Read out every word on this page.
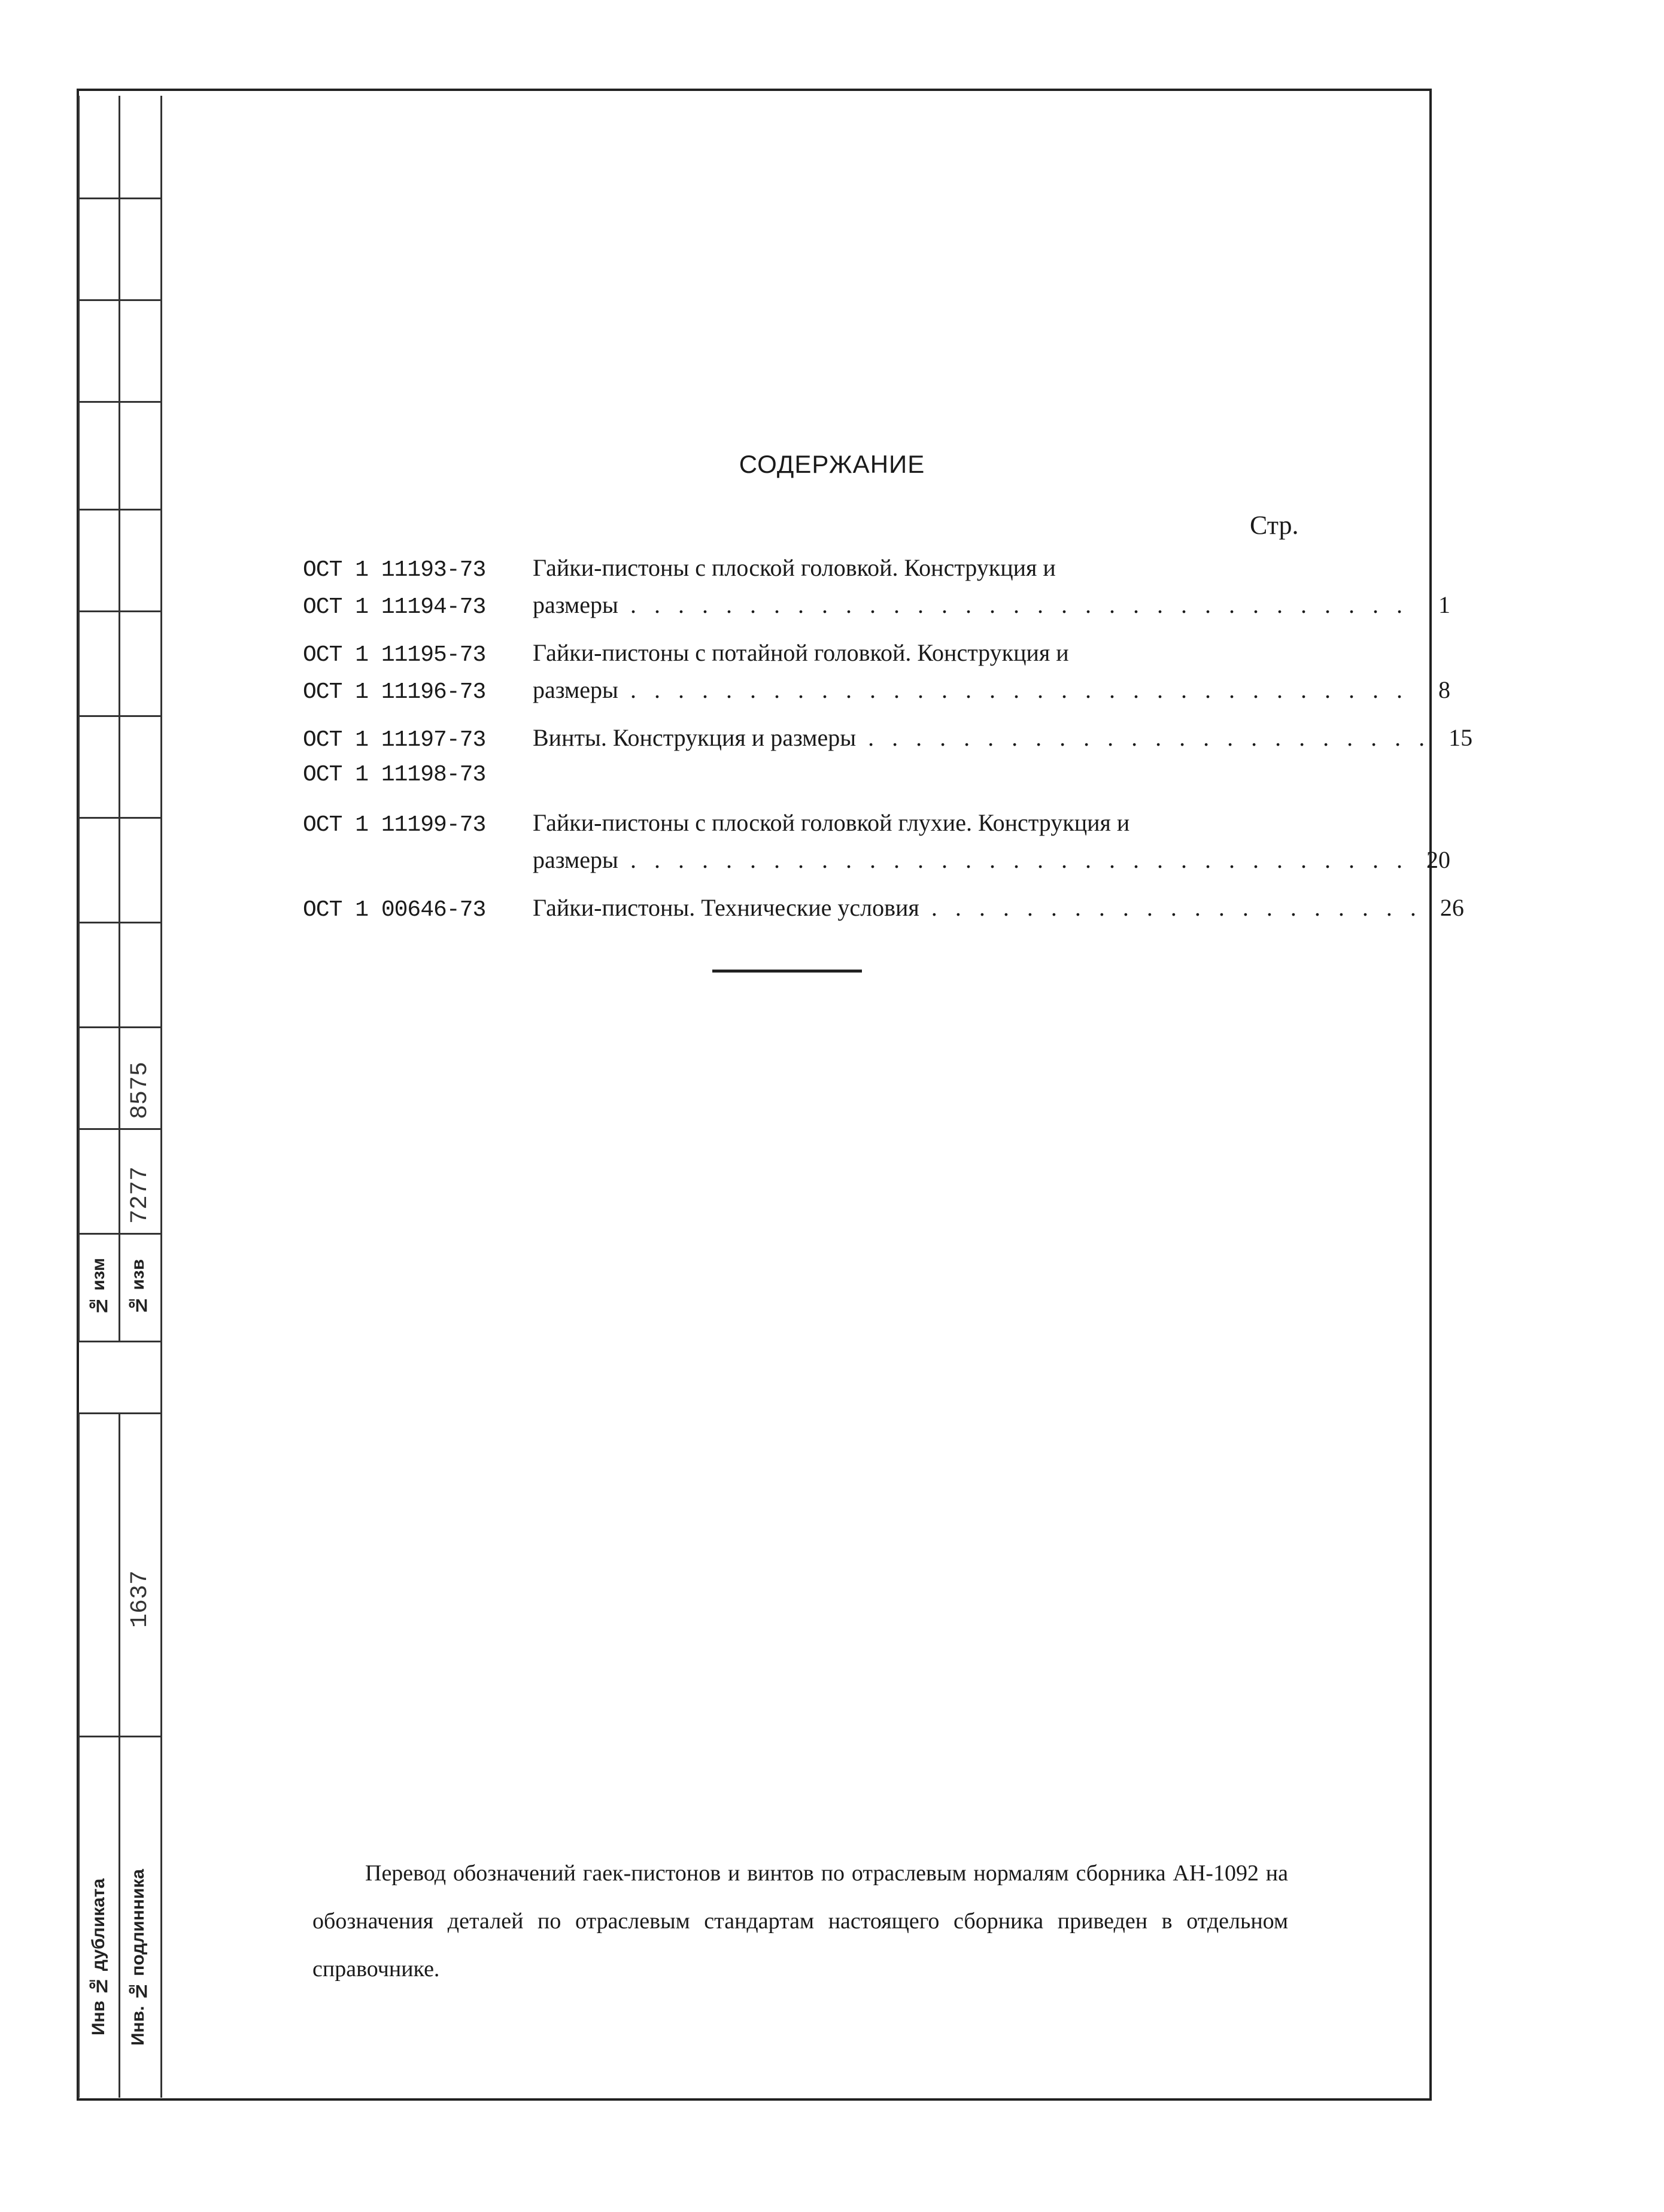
8575
7277
№ изм № изв
1637
Инв № дубликата Инв. № подлинника
СОДЕРЖАНИЕ
Стр.
ОСТ 1 11193-73	Гайки-пистоны с плоской головкой. Конструкция и
ОСТ 1 11194-73	размеры . . . . . . . . . . . . . . . . . . . . . . . . . . . . . . . . .	1
ОСТ 1 11195-73	Гайки-пистоны с потайной головкой. Конструкция и
ОСТ 1 11196-73	размеры . . . . . . . . . . . . . . . . . . . . . . . . . . . . . . . . .	8
ОСТ 1 11197-73	Винты. Конструкция и размеры . . . . . . . . . . . . . . . . . . . . . . . . 15
ОСТ 1 11198-73
ОСТ 1 11199-73	Гайки-пистоны с плоской головкой глухие. Конструкция и
размеры . . . . . . . . . . . . . . . . . . . . . . . . . . . . . . . . . 20
ОСТ 1 00646-73	Гайки-пистоны. Технические условия . . . . . . . . . . . . . . . . . . . . . 26
Перевод обозначений гаек-пистонов и винтов по отраслевым нормалям сборника АН-1092 на обозначения деталей по отраслевым стандартам настоящего сборника приведен в отдельном справочнике.
